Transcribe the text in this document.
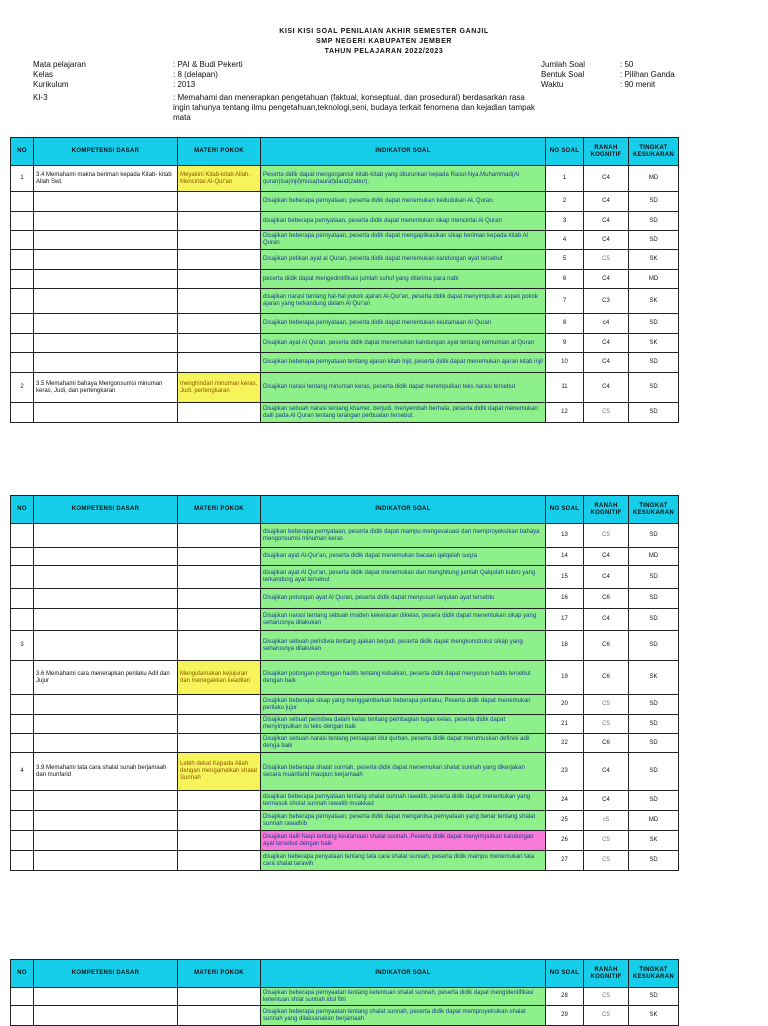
KISI KISI SOAL PENILAIAN AKHIR SEMESTER GANJIL
SMP NEGERI KABUPATEN JEMBER
TAHUN PELAJARAN 2022/2023
Mata pelajaran
Kelas
Kurikulum
: PAI & Budi Pekerti
: 8 (delapan)
: 2013
Jumlah Soal
Bentuk Soal
Waktu
: 50
: Pilihan Ganda
: 90 menit
KI-3	: Memahami dan menerapkan pengetahuan (faktual, konseptual, dan prosedural) berdasarkan rasa ingin tahunya tentang ilmu pengetahuan,teknologi,seni, budaya terkait fenomena dan kejadian tampak mata
NO	KOMPETENSI DASAR	MATERI POKOK	INDIKATOR SOAL	NO SOAL	RANAH KOGNITIF	TINGKAT KESUKARAN
1	3.4 Memahami makna beriman kepada Kitab- kitab Allah Swt.	Meyakini Kitab-kitab Allah, Mencintai Al-Qur'an	Peserta didik dapat mengorganisir kitab-kitab yang diturunkan kepada Rasul-Nya.Muhammad(Al quran)Isa(injil)musa(taurat)daud(zabur).	1	C4	MD
			Disajikan beberapa pernyataan, peserta didik dapat menemukan kedudukan AL Quran.	2	C4	SD
			disajikan beberapa pernyataan, peserta didik dapat menentukan sikap mencintai Al Quran	3	C4	SD
			Disajikan beberapa pernyataan, peserta didik dapat mengaplikasikan sikap beriman kepada kitab Al Quran	4	C4	SD
			Disajikan petikan ayat al Quran, peserta didik dapat menemukan kandungan ayat tersebut	5	C5	SK
			peserta didik dapat mengedintifikasi jumlah suhuf yang diterima para nabi	6	C4	MD
			disajikan narasi tentang hal-hal pokok ajaran Al-Qur'an, peserta didik dapat menyimpulkan aspek pokok ajaran yang terkandung dalam Al Qur'an	7	C3	SK
			Disajikan beberapa pernyataan, peserta didik dapat menentukan keutamaan Al Quran	8	c4	SD
			Disajikan ayat Al Quran, peserta didik dapat menemukan kandungan ayat tentang kemumian al Quran	9	C4	SK
			Disajikan beberapa pernyataan tentang ajaran kitab Injil, peserta didik dapat menemukan ajaran kitab injil	10	C4	SD
2	3.5 Memahami bahaya Mengonsumsi minuman keras, Judi, dan pertengkaran	menghindari minuman keras, Judi, pertengkaran	Disajikan narasi tentang minuman keras, peserta didik dapat menimpulkan teks narasi tersebut	11	C4	SD
			Disajikan sebuah narasi tentang khamer, berjudi, menyembah berhala, peserta didik dapat menemukan dalil pada Al Quran tentang larangan perbuatan tersebut.	12	C5	SD
NO	KOMPETENSI DASAR	MATERI POKOK	INDIKATOR SOAL	NO SOAL	RANAH KOGNITIF	TINGKAT KESUKARAN
			disajikan beberapa pernyataan, peserta didik dapat mampu mengevaluasi dan memproyeksikan bahaya mengonsumsi minuman keras	13	C5	SD
			disajikan ayat Al-Qur'an, peserta didik dapat menemukan bacaan qalqalah suqra	14	C4	MD
			disajikan ayat Al Qur'an, peserta didik dapat menemukan dan menghitung jumlah Qalqolah kubro yang terkandung ayat tersebut	15	C4	SD
			Disajikan potongan ayat Al Quran, peserta didik dapat menyusun lanjutan ayat tersebtu	16	C6	SD
			Disajikan narasi tentang sebuah insiden kekerasan dikelas, pesera didik dapat menentukan sikap yang seharusnya dilakukan	17	C4	SD
3			Disajikan sebuah peristiwa tentang ajakan berjudi, peserta didik dapat mengkonstruksi sikap yang seharusnya dilakukan	18	C6	SD
	3.6 Memahami cara menerapkan perilaku Adil dan Jujur	Mengutamakan kejujuran dan menegakkan keadilan	Disajikan potongan-potongan hadits tentang kebaikan, peserta didik dapat menyusun hadits tersebut dengan baik	19	C6	SK
			Disajikan beberapa sikap yang menggambarkan beberapa perilaku, Peserta didik dapat menemukan perilaku jujur	20	C5	SD
			Disajikan sebuat peristiwa dalam kelas tentang pembagian tugas kelas, peserta didik dapat menyimpulkan isi teks dengan baik	21	C5	SD
			Disajikan sebuah narasi tentang persiapan idul qurban, peserta didik dapat merumuskan definisi adil denga baik	22	C6	SD
4	3.9 Memahami tata cara shalat sunah berjamaah dan munfarid	Lebih dekat Kepada Allah dengan mengamalkan shalat Sunnah	Disajikan beberapa shalat sunnah, peserta didik dapat menemukan shalat sunnah yang dikerjakan secara muanfarid maupun berjamaah	23	C4	SD
			disajikan beberapa pernyataan tentang shalat sunnah rawatib, peserta didik dapat menentukan yang termasuk sholat sunnah rawatib muakkad	24	C4	SD
			Disajikan beberapa pernyataan, peserta didik dapat menganlisa pernyataan yang benar tentang shalat sunnah rawathib	25	c5	MD
			Disajikan dalil Naqli tentang keutamaan shalat sunnah, Peserta didik dapat menyimpulkan kandungan ayat tersebut dengan baik	26	C5	SK
			disajikan beberapa penyataan tentang tata cara shalat sunnah, peserta didik mampu menemukan tata cara shalat tarawih	27	C5	SD
NO	KOMPETENSI DASAR	MATERI POKOK	INDIKATOR SOAL	NO SOAL	RANAH KOGNITIF	TINGKAT KESUKARAN
			Disajikan beberapa pernyaatan tentang ketentuan shalat sunnah, peserta didik dapat mengidentifikasi ketentuan shlat sunnah idul fitri	28	C5	SD
			Disajikan beberapa pernyaatan tentang shalat sunnah, peserta didik dapat memproyeksikan shalat sunnah yang dilaksanakan berjamaah	29	C5	SK
